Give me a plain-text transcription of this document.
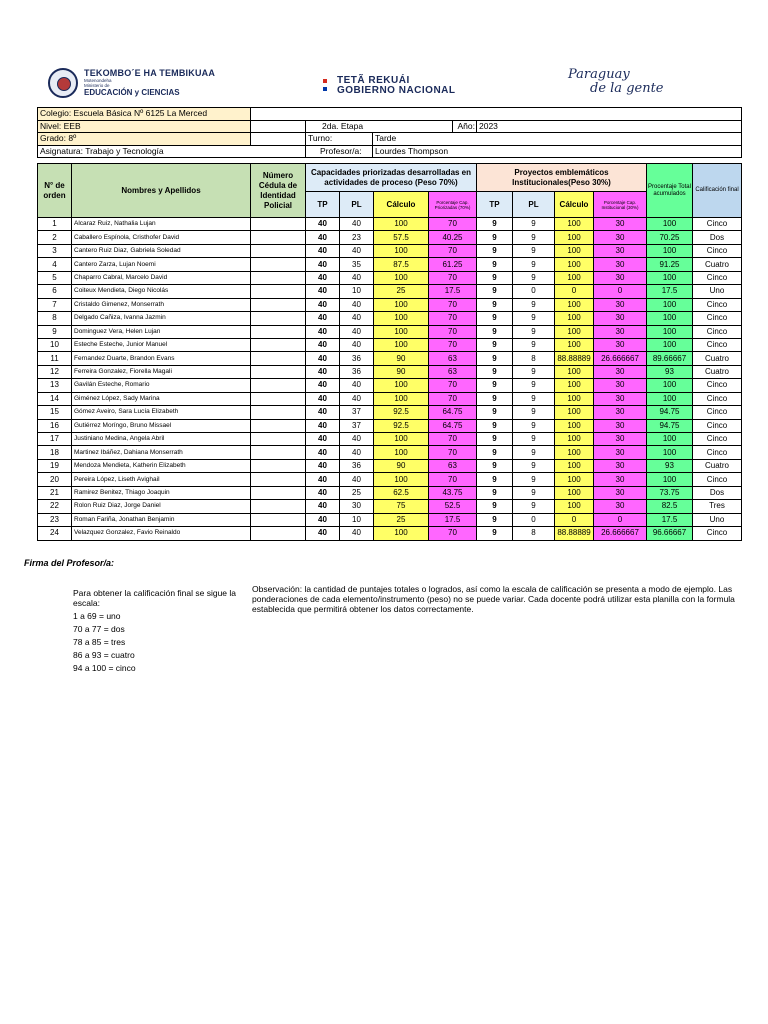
TEKOMBO´E HA TEMBIKUAA
Motenondeha
Ministerio de
EDUCACIÓN y CIENCIAS
TETÃ REKUÁI
GOBIERNO NACIONAL
Paraguay
de la gente
Colegio: Escuela Básica Nº 6125 La Merced					
Nivel: EEB		2da. Etapa		Año:	2023
Grado: 8º		Turno:	Tarde		
Asignatura: Trabajo y Tecnología		Profesor/a:	Lourdes Thompson		
N° de orden	Nombres y Apellidos	Número Cédula de Identidad Policial	Capacidades priorizadas desarrolladas en actividades de proceso (Peso 70%)				Proyectos emblemáticos Institucionales(Peso 30%)				Procentaje Total acumulados	Calificación final
			TP	PL	Cálculo	Porcentaje Cap. Priorizadas (70%)	TP	PL	Cálculo	Porcentaje Cap. Institucional (30%)		
1	Alcaraz Ruiz, Nathalia Lujan		40	40	100	70	9	9	100	30	100	Cinco
2	Caballero Espínola, Cristhofer David		40	23	57.5	40.25	9	9	100	30	70.25	Dos
3	Cantero Ruiz Diaz, Gabriela Soledad		40	40	100	70	9	9	100	30	100	Cinco
4	Cantero Zarza, Lujan Noemi		40	35	87.5	61.25	9	9	100	30	91.25	Cuatro
5	Chaparro Cabral, Marcelo David		40	40	100	70	9	9	100	30	100	Cinco
6	Coiteux Mendieta, Diego Nicolás		40	10	25	17.5	9	0	0	0	17.5	Uno
7	Cristaldo Gimenez, Monserrath		40	40	100	70	9	9	100	30	100	Cinco
8	Delgado Cañiza, Ivanna Jazmin		40	40	100	70	9	9	100	30	100	Cinco
9	Dominguez Vera, Helen Lujan		40	40	100	70	9	9	100	30	100	Cinco
10	Esteche Esteche, Junior Manuel		40	40	100	70	9	9	100	30	100	Cinco
11	Fernandez Duarte, Brandon Evans		40	36	90	63	9	8	88.88889	26.666667	89.66667	Cuatro
12	Ferreira Gonzalez, Fiorella Magali		40	36	90	63	9	9	100	30	93	Cuatro
13	Gavilán Esteche, Romario		40	40	100	70	9	9	100	30	100	Cinco
14	Giménez López, Sady Marina		40	40	100	70	9	9	100	30	100	Cinco
15	Gómez Aveiro, Sara Lucía Elizabeth		40	37	92.5	64.75	9	9	100	30	94.75	Cinco
16	Gutiérrez Moríngo, Bruno Missael		40	37	92.5	64.75	9	9	100	30	94.75	Cinco
17	Justiniano Medina, Angela Abril		40	40	100	70	9	9	100	30	100	Cinco
18	Martinez Ibáñez, Dahiana Monserrath		40	40	100	70	9	9	100	30	100	Cinco
19	Mendoza Mendieta, Katherin Elizabeth		40	36	90	63	9	9	100	30	93	Cuatro
20	Pereira López, Liseth Avighail		40	40	100	70	9	9	100	30	100	Cinco
21	Ramirez Benitez, Thiago Joaquin		40	25	62.5	43.75	9	9	100	30	73.75	Dos
22	Rolon Ruiz Diaz, Jorge Daniel		40	30	75	52.5	9	9	100	30	82.5	Tres
23	Roman Fariña, Jonathan Benjamin		40	10	25	17.5	9	0	0	0	17.5	Uno
24	Velazquez Gonzalez, Favio Reinaldo		40	40	100	70	9	8	88.88889	26.666667	96.66667	Cinco
Firma del Profesor/a:
Para obtener la calificación final se sigue la escala:
1 a 69 = uno
70 a 77 = dos
78 a 85 = tres
86 a 93 = cuatro
94 a 100 = cinco
Observación: la cantidad de puntajes totales o logrados, así como la escala de calificación se presenta a modo de ejemplo. Las ponderaciones de cada elemento/instrumento (peso) no se puede variar. Cada docente podrá utilizar esta planilla con la formula establecida que permitirá obtener los datos correctamente.
